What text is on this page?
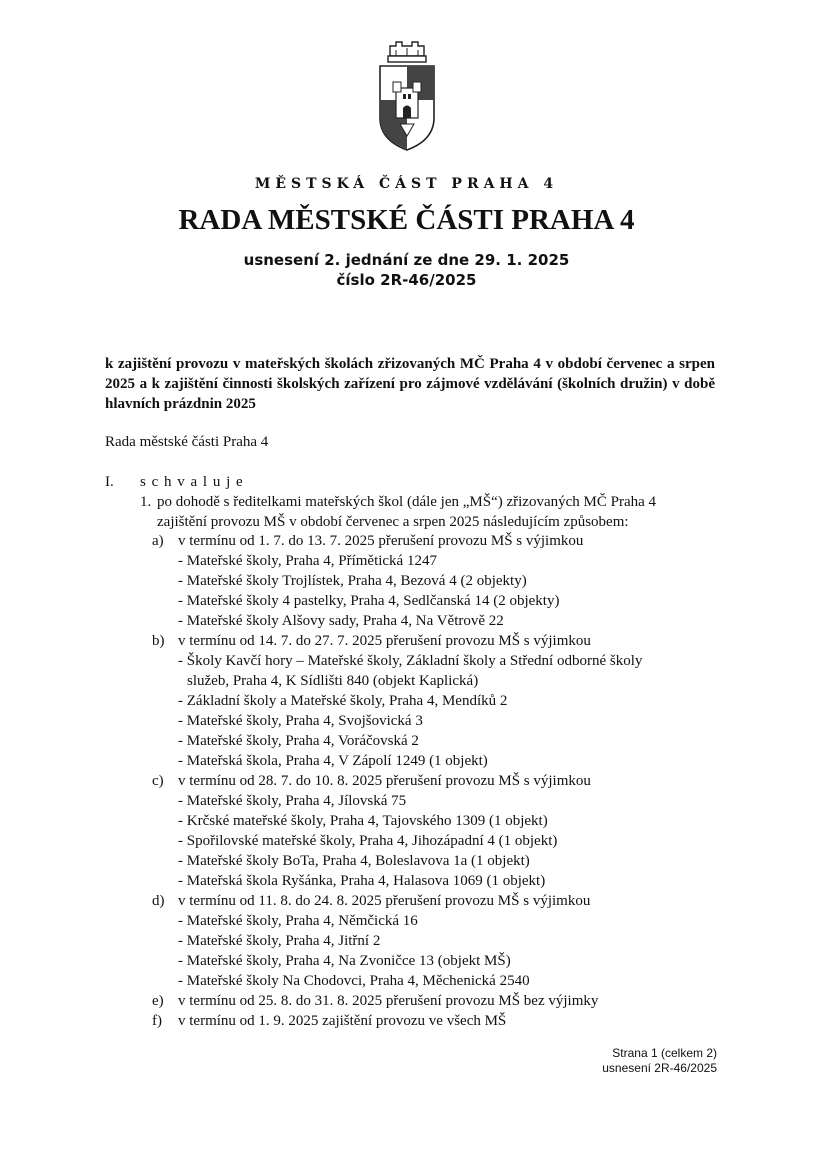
MĚSTSKÁ ČÁST PRAHA 4
RADA MĚSTSKÉ ČÁSTI PRAHA 4
usnesení 2. jednání ze dne 29. 1. 2025
číslo 2R-46/2025
k zajištění provozu v mateřských školách zřizovaných MČ Praha 4 v období červenec a srpen 2025 a k zajištění činnosti školských zařízení pro zájmové vzdělávání (školních družin) v době hlavních prázdnin 2025
Rada městské části Praha 4
I. s c h v a l u j e
1. po dohodě s ředitelkami mateřských škol (dále jen „MŠ“) zřizovaných MČ Praha 4
zajištění provozu MŠ v období červenec a srpen 2025 následujícím způsobem:
a) v termínu od 1. 7. do 13. 7. 2025 přerušení provozu MŠ s výjimkou
- Mateřské školy, Praha 4, Přímětická 1247
- Mateřské školy Trojlístek, Praha 4, Bezová 4 (2 objekty)
- Mateřské školy 4 pastelky, Praha 4, Sedlčanská 14 (2 objekty)
- Mateřské školy Alšovy sady, Praha 4, Na Větrově 22
b) v termínu od 14. 7. do 27. 7. 2025 přerušení provozu MŠ s výjimkou
- Školy Kavčí hory – Mateřské školy, Základní školy a Střední odborné školy
služeb, Praha 4, K Sídlišti 840 (objekt Kaplická)
- Základní školy a Mateřské školy, Praha 4, Mendíků 2
- Mateřské školy, Praha 4, Svojšovická 3
- Mateřské školy, Praha 4, Voráčovská 2
- Mateřská škola, Praha 4, V Zápolí 1249 (1 objekt)
c) v termínu od 28. 7. do 10. 8. 2025 přerušení provozu MŠ s výjimkou
- Mateřské školy, Praha 4, Jílovská 75
- Krčské mateřské školy, Praha 4, Tajovského 1309 (1 objekt)
- Spořilovské mateřské školy, Praha 4, Jihozápadní 4 (1 objekt)
- Mateřské školy BoTa, Praha 4, Boleslavova 1a (1 objekt)
- Mateřská škola Ryšánka, Praha 4, Halasova 1069 (1 objekt)
d) v termínu od 11. 8. do 24. 8. 2025 přerušení provozu MŠ s výjimkou
- Mateřské školy, Praha 4, Němčická 16
- Mateřské školy, Praha 4, Jitřní 2
- Mateřské školy, Praha 4, Na Zvoničce 13 (objekt MŠ)
- Mateřské školy Na Chodovci, Praha 4, Měchenická 2540
e) v termínu od 25. 8. do 31. 8. 2025 přerušení provozu MŠ bez výjimky
f) v termínu od 1. 9. 2025 zajištění provozu ve všech MŠ
Strana 1 (celkem 2)
usnesení 2R-46/2025
